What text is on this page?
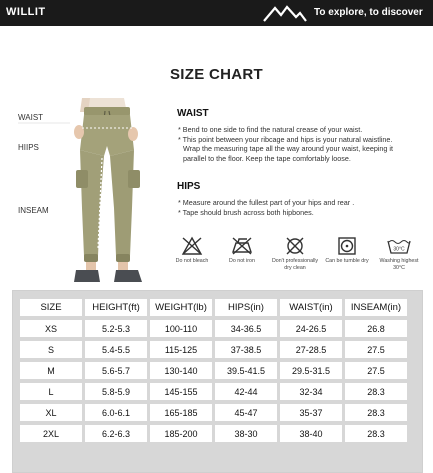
WILLIT	To explore, to discover
SIZE CHART
WAIST
HIIPS
INSEAM
WAIST

* Bend to one side to find the natural crease of your waist.

* This point between your ribcage and hips is your natural waistline.

Wrap the measuring tape all the way around your waist, keeping it

parallel to the floor. Keep the tape comfortably loose.

HIPS

* Measure around the fullest part of your hips and rear .

* Tape should brush across both hipbones.

Do not bleach	Do not iron	Don't professionally dry clean
Can be tumble dry
30°C
Washing highest 30°C
SIZE	HEIGHT(ft)	WEIGHT(lb)	HIPS(in)	WAIST(in)	INSEAM(in)
XS	5.2-5.3	100-110	34-36.5	24-26.5	26.8
S	5.4-5.5	115-125	37-38.5	27-28.5	27.5
M	5.6-5.7	130-140	39.5-41.5	29.5-31.5	27.5
L	5.8-5.9	145-155	42-44	32-34	28.3
XL	6.0-6.1	165-185	45-47	35-37	28.3
2XL	6.2-6.3	185-200	38-30	38-40	28.3
